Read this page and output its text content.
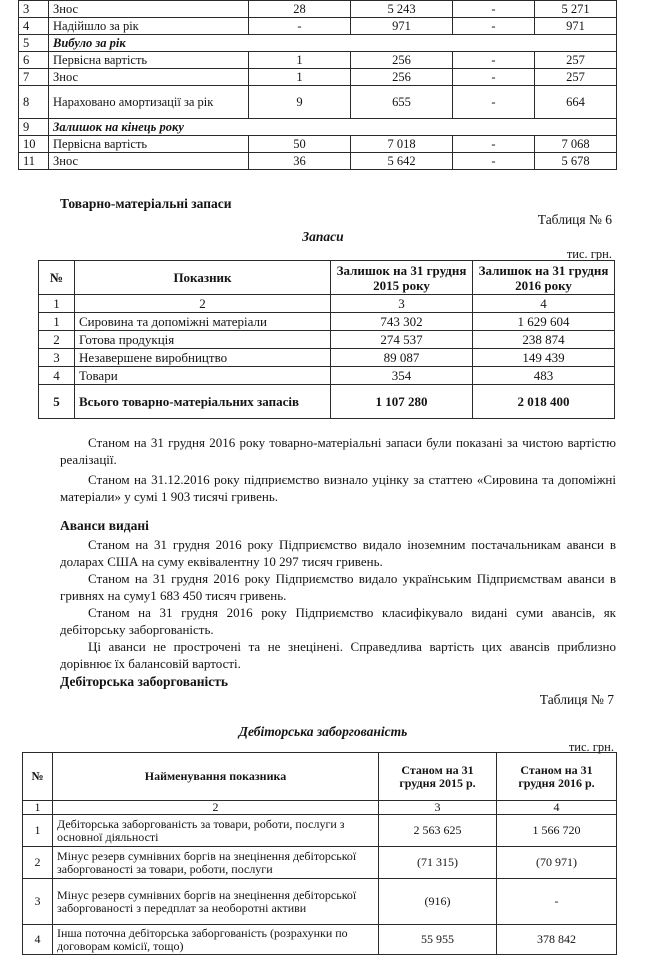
3	Знос	28	5 243	-	5 271
4	Надійшло за рік	-	971	-	971
5	Вибуло за рік				
6	Первісна вартість	1	256	-	257
7	Знос	1	256	-	257
8	Нараховано амортизації за рік	9	655	-	664
9	Залишок на кінець року				
10	Первісна вартість	50	7 018	-	7 068
11	Знос	36	5 642	-	5 678
Товарно-матеріальні запаси
Таблиця № 6
Запаси
тис. грн.
№	Показник	Залишок на 31 грудня 2015 року	Залишок на 31 грудня 2016 року
1	2	3	4
1	Сировина та допоміжні матеріали	743 302	1 629 604
2	Готова продукція	274 537	238 874
3	Незавершене виробництво	89 087	149 439
4	Товари	354	483
5	Всього товарно-матеріальних запасів	1 107 280	2 018 400
Станом на 31 грудня 2016 року товарно-матеріальні запаси були показані за чистою вартістю реалізації.
Станом на 31.12.2016 року підприємство визнало уцінку за статтею «Сировина та допоміжні матеріали» у сумі 1 903 тисячі гривень.
Аванси видані
Станом на 31 грудня 2016 року Підприємство видало іноземним постачальникам аванси в доларах США на суму еквівалентну 10 297 тисяч гривень.
Станом на 31 грудня 2016 року Підприємство видало українським Підприємствам аванси в гривнях на суму1 683 450 тисяч гривень.
Станом на 31 грудня 2016 року Підприємство класифікувало видані суми авансів, як дебіторську заборгованість.
Ці аванси не прострочені та не знецінені. Справедлива вартість цих авансів приблизно дорівнює їх балансовій вартості.
Дебіторська заборгованість
Таблиця № 7
Дебіторська заборгованість
тис. грн.
№	Найменування показника	Станом на 31 грудня 2015 р.	Станом на 31 грудня 2016 р.
1	2	3	4
1	Дебіторська заборгованість за товари, роботи, послуги з основної діяльності	2 563 625	1 566 720
2	Мінус резерв сумнівних боргів на знецінення дебіторської заборгованості за товари, роботи, послуги	(71 315)	(70 971)
3	Мінус резерв сумнівних боргів на знецінення дебіторської заборгованості з передплат за необоротні активи	(916)	-
4	Інша поточна дебіторська заборгованість (розрахунки по договорам комісії, тощо)	55 955	378 842
